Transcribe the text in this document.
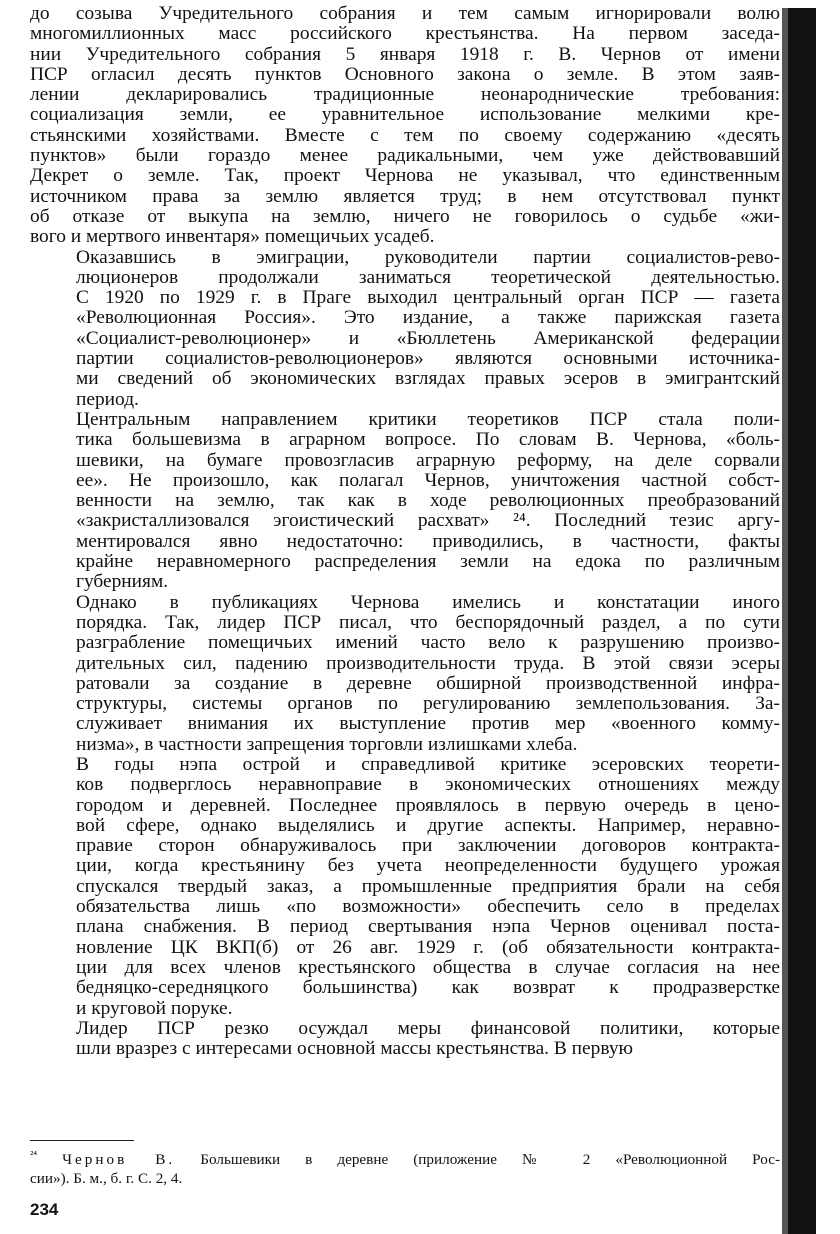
до созыва Учредительного собрания и тем самым игнорировали волю
многомиллионных масс российского крестьянства. На первом заседа-
нии Учредительного собрания 5 января 1918 г. В. Чернов от имени
ПСР огласил десять пунктов Основного закона о земле. В этом заяв-
лении декларировались традиционные неонароднические требования:
социализация земли, ее уравнительное использование мелкими кре-
стьянскими хозяйствами. Вместе с тем по своему содержанию «десять
пунктов» были гораздо менее радикальными, чем уже действовавший
Декрет о земле. Так, проект Чернова не указывал, что единственным
источником права за землю является труд; в нем отсутствовал пункт
об отказе от выкупа на землю, ничего не говорилось о судьбе «жи-
вого и мертвого инвентаря» помещичьих усадеб.
Оказавшись в эмиграции, руководители партии социалистов-рево-
люционеров продолжали заниматься теоретической деятельностью.
С 1920 по 1929 г. в Праге выходил центральный орган ПСР — газета
«Революционная Россия». Это издание, а также парижская газета
«Социалист-революционер» и «Бюллетень Американской федерации
партии социалистов-революционеров» являются основными источника-
ми сведений об экономических взглядах правых эсеров в эмигрантский
период.
Центральным направлением критики теоретиков ПСР стала поли-
тика большевизма в аграрном вопросе. По словам В. Чернова, «боль-
шевики, на бумаге провозгласив аграрную реформу, на деле сорвали
ее». Не произошло, как полагал Чернов, уничтожения частной собст-
венности на землю, так как в ходе революционных преобразований
«закристаллизовался эгоистический расхват» ²⁴. Последний тезис аргу-
ментировался явно недостаточно: приводились, в частности, факты
крайне неравномерного распределения земли на едока по различным
губерниям.
Однако в публикациях Чернова имелись и констатации иного
порядка. Так, лидер ПСР писал, что беспорядочный раздел, а по сути
разграбление помещичьих имений часто вело к разрушению произво-
дительных сил, падению производительности труда. В этой связи эсеры
ратовали за создание в деревне обширной производственной инфра-
структуры, системы органов по регулированию землепользования. За-
служивает внимания их выступление против мер «военного комму-
низма», в частности запрещения торговли излишками хлеба.
В годы нэпа острой и справедливой критике эсеровских теорети-
ков подверглось неравноправие в экономических отношениях между
городом и деревней. Последнее проявлялось в первую очередь в цено-
вой сфере, однако выделялись и другие аспекты. Например, неравно-
правие сторон обнаруживалось при заключении договоров контракта-
ции, когда крестьянину без учета неопределенности будущего урожая
спускался твердый заказ, а промышленные предприятия брали на себя
обязательства лишь «по возможности» обеспечить село в пределах
плана снабжения. В период свертывания нэпа Чернов оценивал поста-
новление ЦК ВКП(б) от 26 авг. 1929 г. (об обязательности контракта-
ции для всех членов крестьянского общества в случае согласия на нее
бедняцко-середняцкого большинства) как возврат к продразверстке
и круговой поруке.
Лидер ПСР резко осуждал меры финансовой политики, которые
шли вразрез с интересами основной массы крестьянства. В первую
$^{^{24}}$ Чернов В. Большевики в деревне (приложение № 2 «Революционной Рос-
сии»). Б. м., б. г. С. 2, 4.
234
